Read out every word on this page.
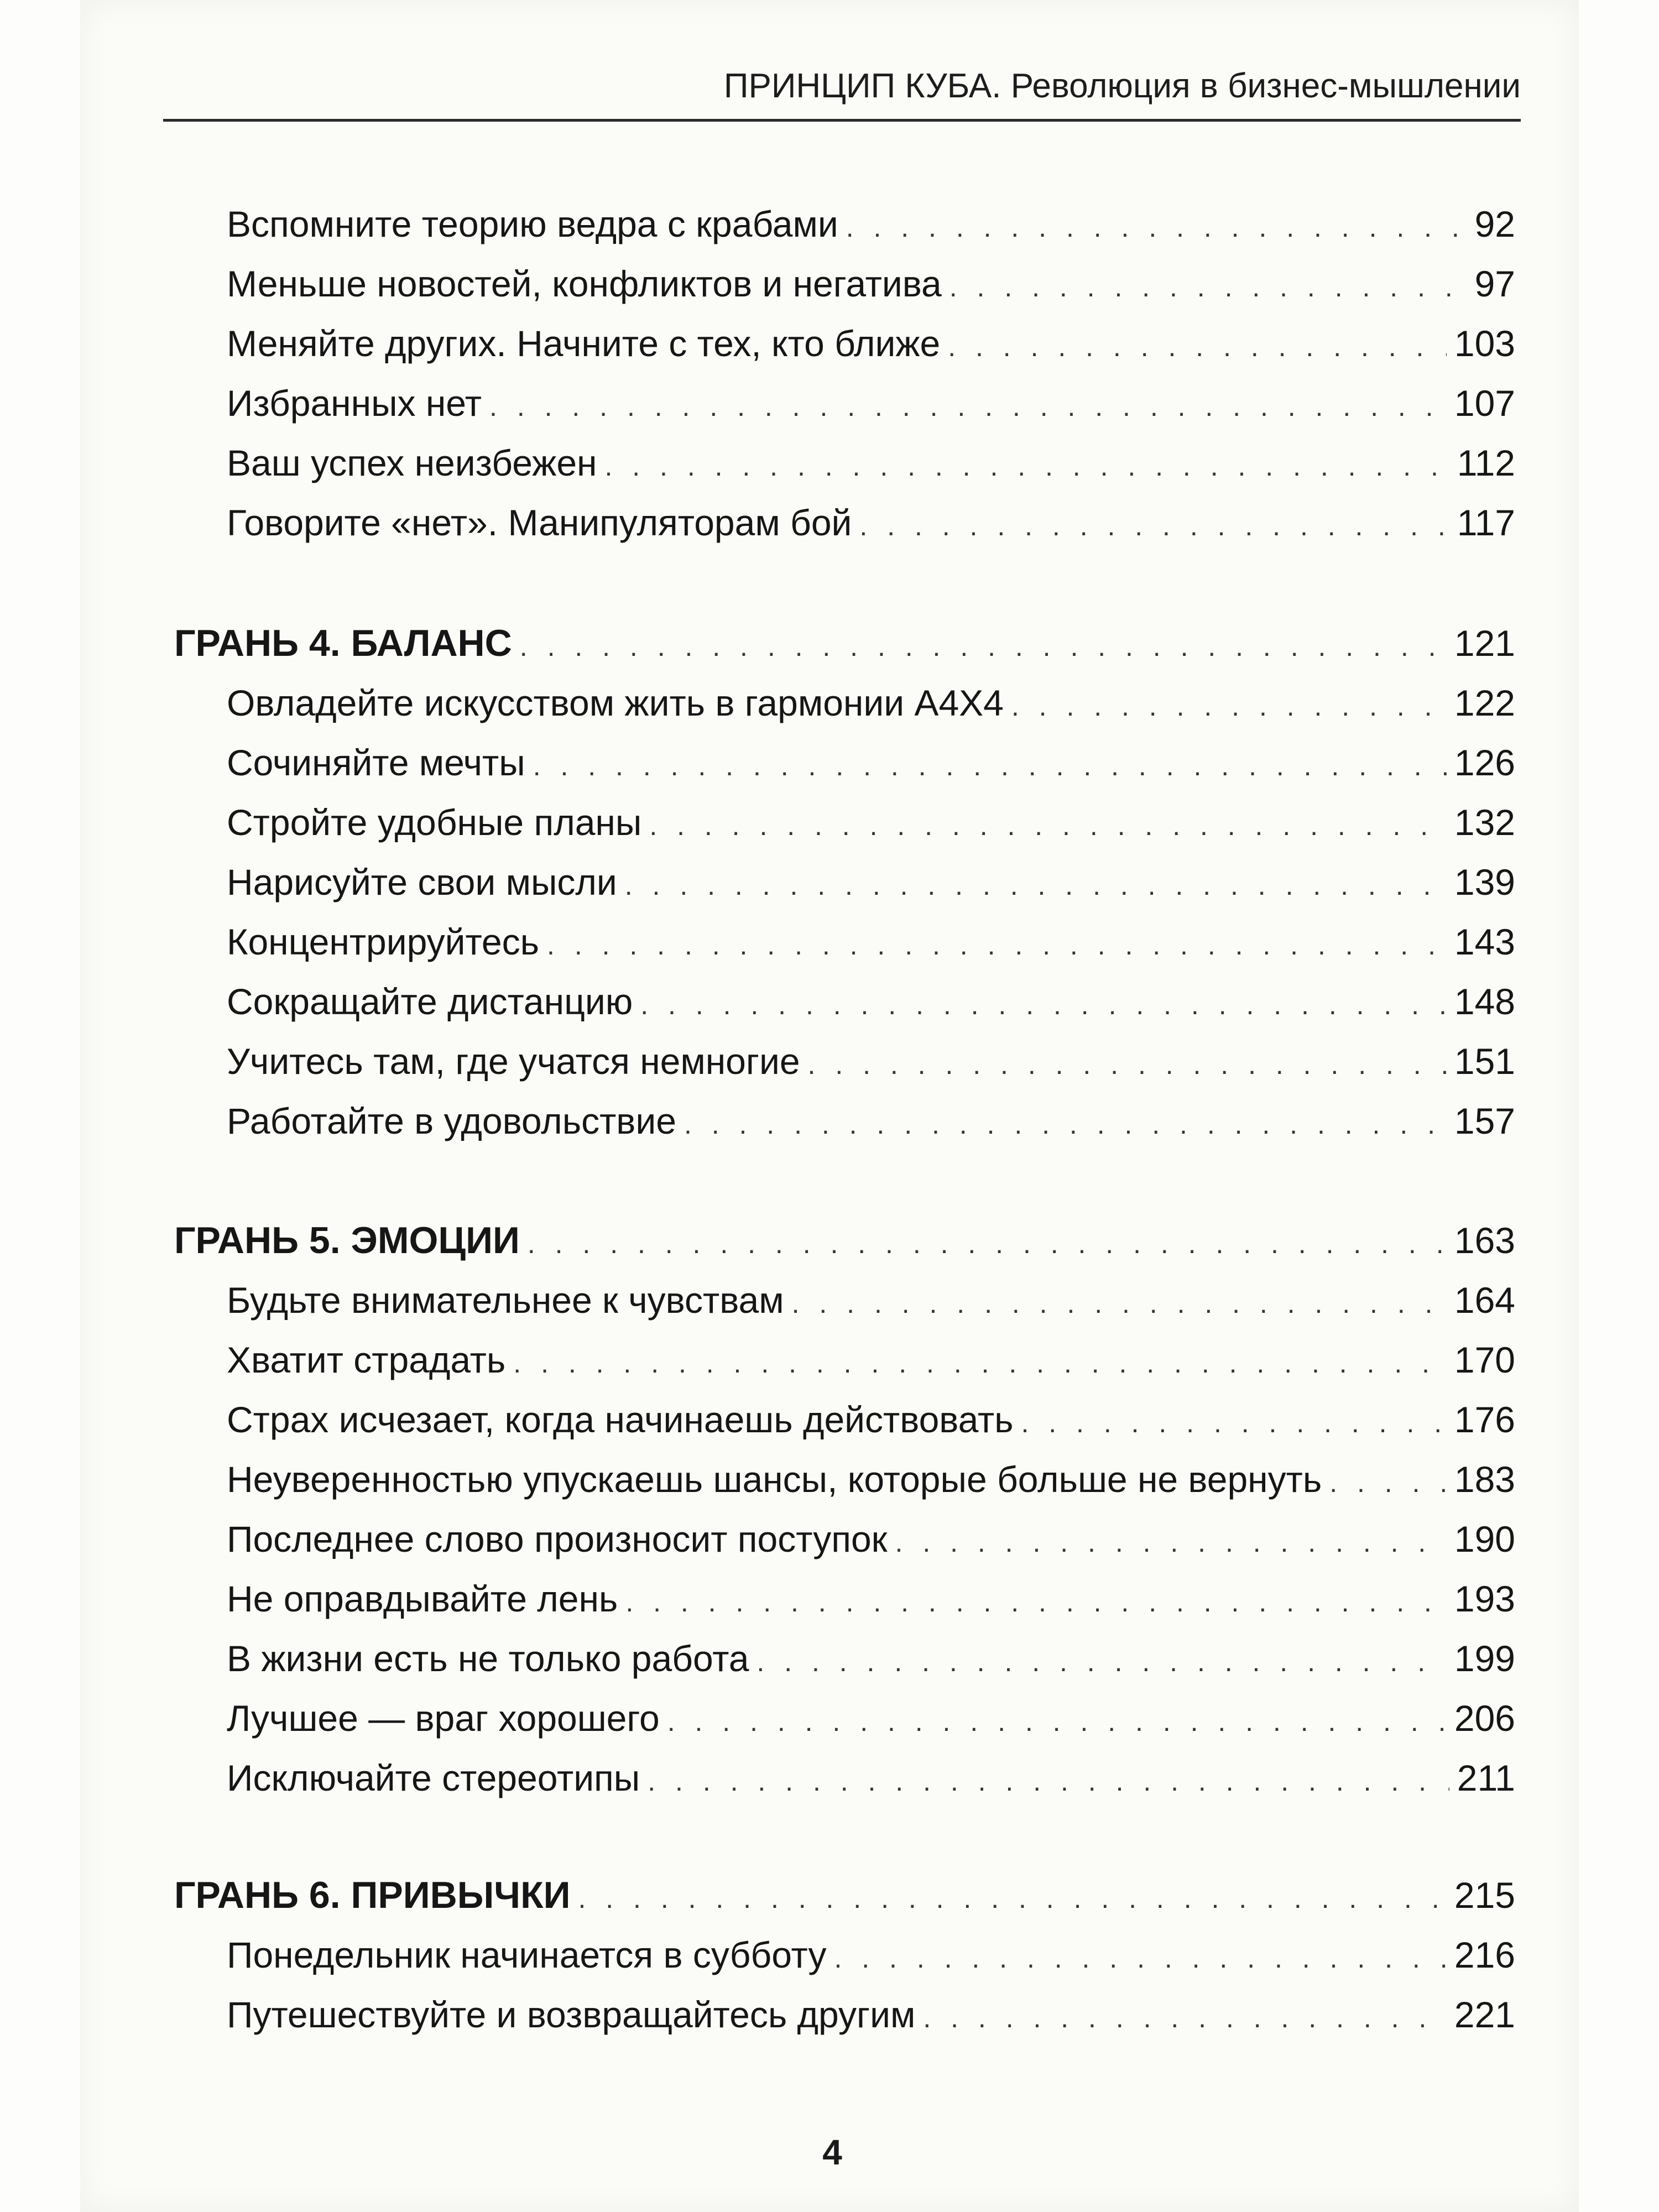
ПРИНЦИП КУБА. Революция в бизнес-мышлении
Вспомните теорию ведра с крабами . . .	92
Меньше новостей, конфликтов и негатива . . .	97
Меняйте других. Начните с тех, кто ближе . . .	103
Избранных нет . . .	107
Ваш успех неизбежен . . .	112
Говорите «нет». Манипуляторам бой . . .	117
ГРАНЬ 4. БАЛАНС . . .	121
Овладейте искусством жить в гармонии А4Х4 . . .	122
Сочиняйте мечты . . .	126
Стройте удобные планы . . .	132
Нарисуйте свои мысли . . .	139
Концентрируйтесь . . .	143
Сокращайте дистанцию . . .	148
Учитесь там, где учатся немногие . . .	151
Работайте в удовольствие . . .	157
ГРАНЬ 5. ЭМОЦИИ . . .	163
Будьте внимательнее к чувствам . . .	164
Хватит страдать . . .	170
Страх исчезает, когда начинаешь действовать . . .	176
Неуверенностью упускаешь шансы, которые больше не вернуть . . .	183
Последнее слово произносит поступок . . .	190
Не оправдывайте лень . . .	193
В жизни есть не только работа . . .	199
Лучшее — враг хорошего . . .	206
Исключайте стереотипы . . .	211
ГРАНЬ 6. ПРИВЫЧКИ . . .	215
Понедельник начинается в субботу . . .	216
Путешествуйте и возвращайтесь другим . . .	221
4
